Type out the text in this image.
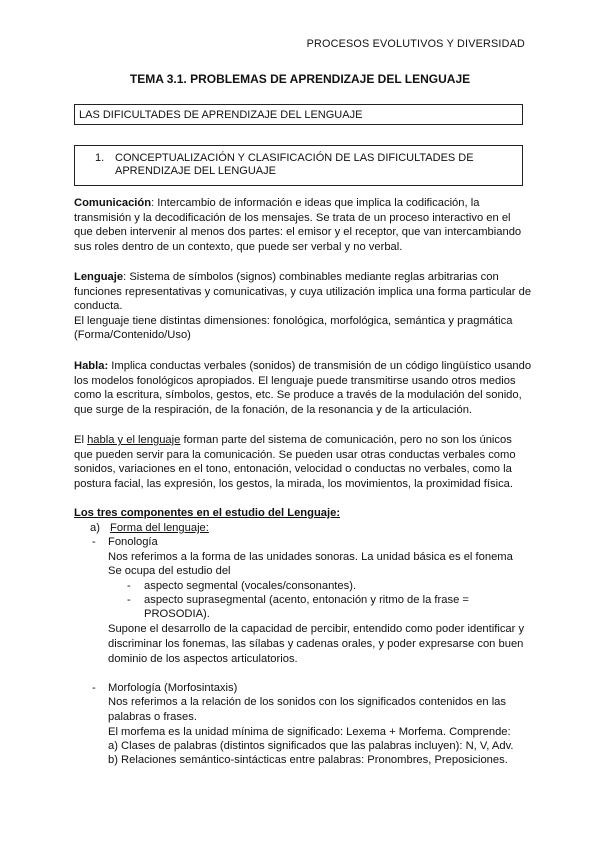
PROCESOS EVOLUTIVOS Y DIVERSIDAD
TEMA 3.1. PROBLEMAS DE APRENDIZAJE DEL LENGUAJE
LAS DIFICULTADES DE APRENDIZAJE DEL LENGUAJE
1. CONCEPTUALIZACIÓN Y CLASIFICACIÓN DE LAS DIFICULTADES DE APRENDIZAJE DEL LENGUAJE

Comunicación: Intercambio de información e ideas que implica la codificación, la transmisión y la decodificación de los mensajes. Se trata de un proceso interactivo en el que deben intervenir al menos dos partes: el emisor y el receptor, que van intercambiando sus roles dentro de un contexto, que puede ser verbal y no verbal.

Lenguaje: Sistema de símbolos (signos) combinables mediante reglas arbitrarias con funciones representativas y comunicativas, y cuya utilización implica una forma particular de conducta.
El lenguaje tiene distintas dimensiones: fonológica, morfológica, semántica y pragmática (Forma/Contenido/Uso)

Habla: Implica conductas verbales (sonidos) de transmisión de un código lingüístico usando los modelos fonológicos apropiados. El lenguaje puede transmitirse usando otros medios como la escritura, símbolos, gestos, etc. Se produce a través de la modulación del sonido, que surge de la respiración, de la fonación, de la resonancia y de la articulación.

El habla y el lenguaje forman parte del sistema de comunicación, pero no son los únicos que pueden servir para la comunicación. Se pueden usar otras conductas verbales como sonidos, variaciones en el tono, entonación, velocidad o conductas no verbales, como la postura facial, las expresión, los gestos, la mirada, los movimientos, la proximidad física.

Los tres componentes en el estudio del Lenguaje:

a) Forma del lenguaje:
- Fonología
Nos referimos a la forma de las unidades sonoras. La unidad básica es el fonema
Se ocupa del estudio del
- aspecto segmental (vocales/consonantes).
- aspecto suprasegmental (acento, entonación y ritmo de la frase =
PROSODIA).
Supone el desarrollo de la capacidad de percibir, entendido como poder identificar y
discriminar los fonemas, las sílabas y cadenas orales, y poder expresarse con buen
dominio de los aspectos articulatorios.
- Morfología (Morfosintaxis)
Nos referimos a la relación de los sonidos con los significados contenidos en las
palabras o frases.
El morfema es la unidad mínima de significado: Lexema + Morfema. Comprende:
a) Clases de palabras (distintos significados que las palabras incluyen): N, V, Adv.
b) Relaciones semántico-sintácticas entre palabras: Pronombres, Preposiciones.
